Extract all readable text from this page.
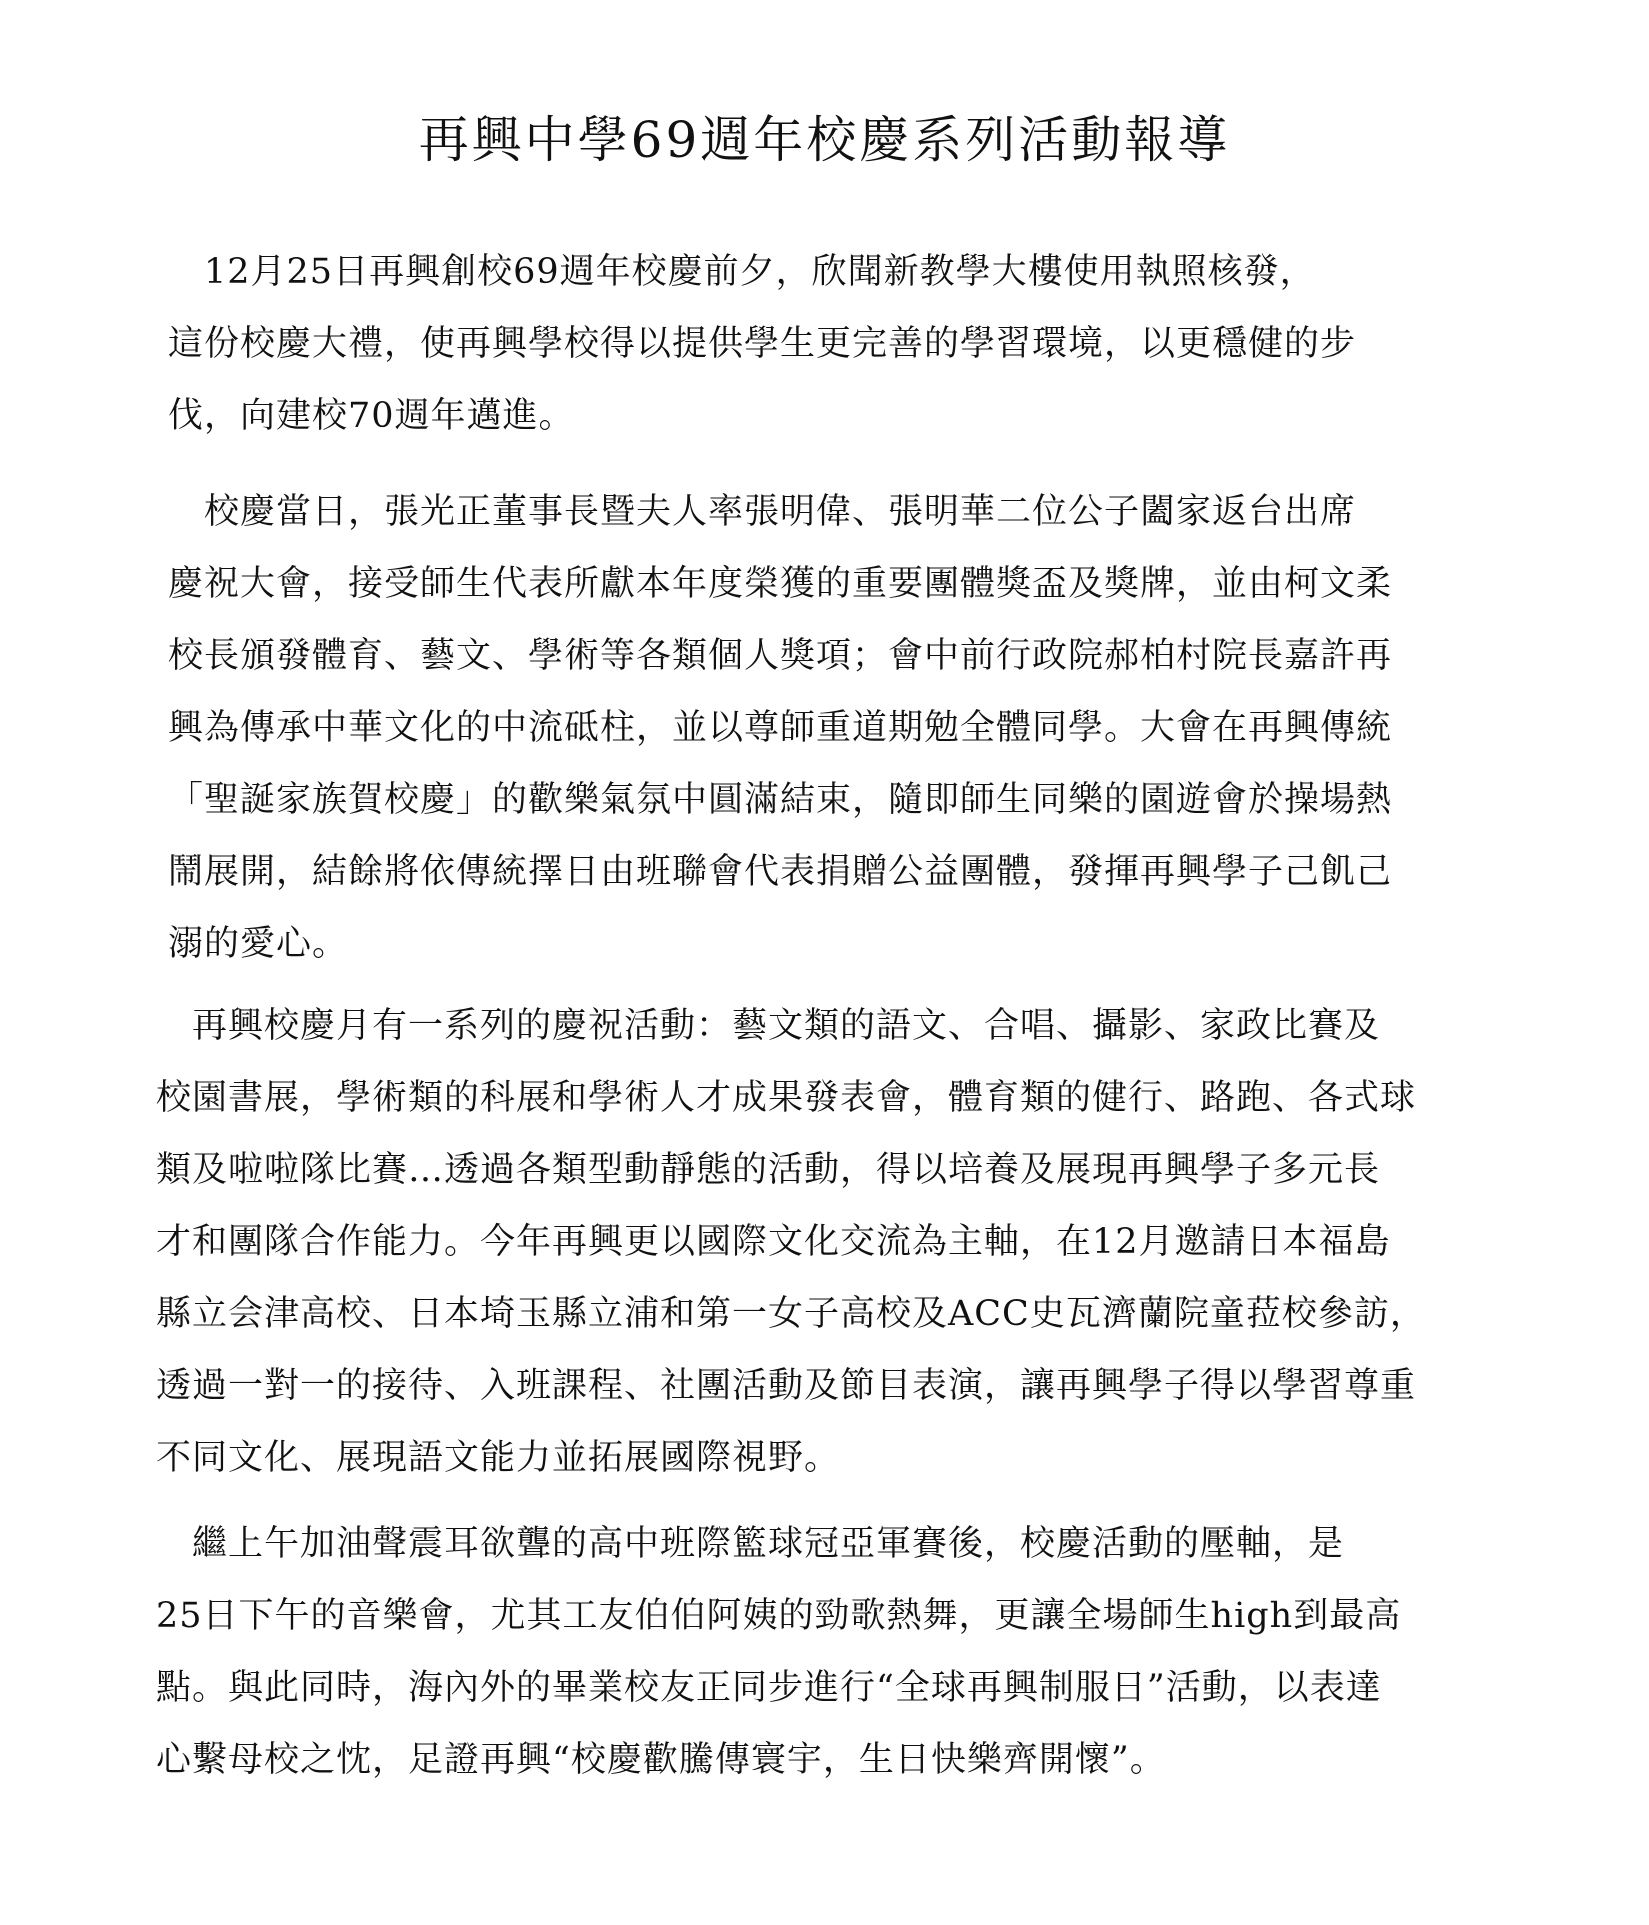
再興中學69週年校慶系列活動報導

　12月25日再興創校69週年校慶前夕，欣聞新教學大樓使用執照核發，
這份校慶大禮，使再興學校得以提供學生更完善的學習環境，以更穩健的步
伐，向建校70週年邁進。

　校慶當日，張光正董事長暨夫人率張明偉、張明華二位公子闔家返台出席
慶祝大會，接受師生代表所獻本年度榮獲的重要團體獎盃及獎牌，並由柯文柔
校長頒發體育、藝文、學術等各類個人獎項；會中前行政院郝柏村院長嘉許再
興為傳承中華文化的中流砥柱，並以尊師重道期勉全體同學。大會在再興傳統
「聖誕家族賀校慶」的歡樂氣氛中圓滿結束，隨即師生同樂的園遊會於操場熱
鬧展開，結餘將依傳統擇日由班聯會代表捐贈公益團體，發揮再興學子己飢己
溺的愛心。

　再興校慶月有一系列的慶祝活動：藝文類的語文、合唱、攝影、家政比賽及
校園書展，學術類的科展和學術人才成果發表會，體育類的健行、路跑、各式球
類及啦啦隊比賽…透過各類型動靜態的活動，得以培養及展現再興學子多元長
才和團隊合作能力。今年再興更以國際文化交流為主軸，在12月邀請日本福島
縣立会津高校、日本埼玉縣立浦和第一女子高校及ACC史瓦濟蘭院童菈校參訪，
透過一對一的接待、入班課程、社團活動及節目表演，讓再興學子得以學習尊重
不同文化、展現語文能力並拓展國際視野。

　繼上午加油聲震耳欲聾的高中班際籃球冠亞軍賽後，校慶活動的壓軸，是
25日下午的音樂會，尤其工友伯伯阿姨的勁歌熱舞，更讓全場師生high到最高
點。與此同時，海內外的畢業校友正同步進行“全球再興制服日”活動，以表達
心繫母校之忱，足證再興“校慶歡騰傳寰宇，生日快樂齊開懷”。
